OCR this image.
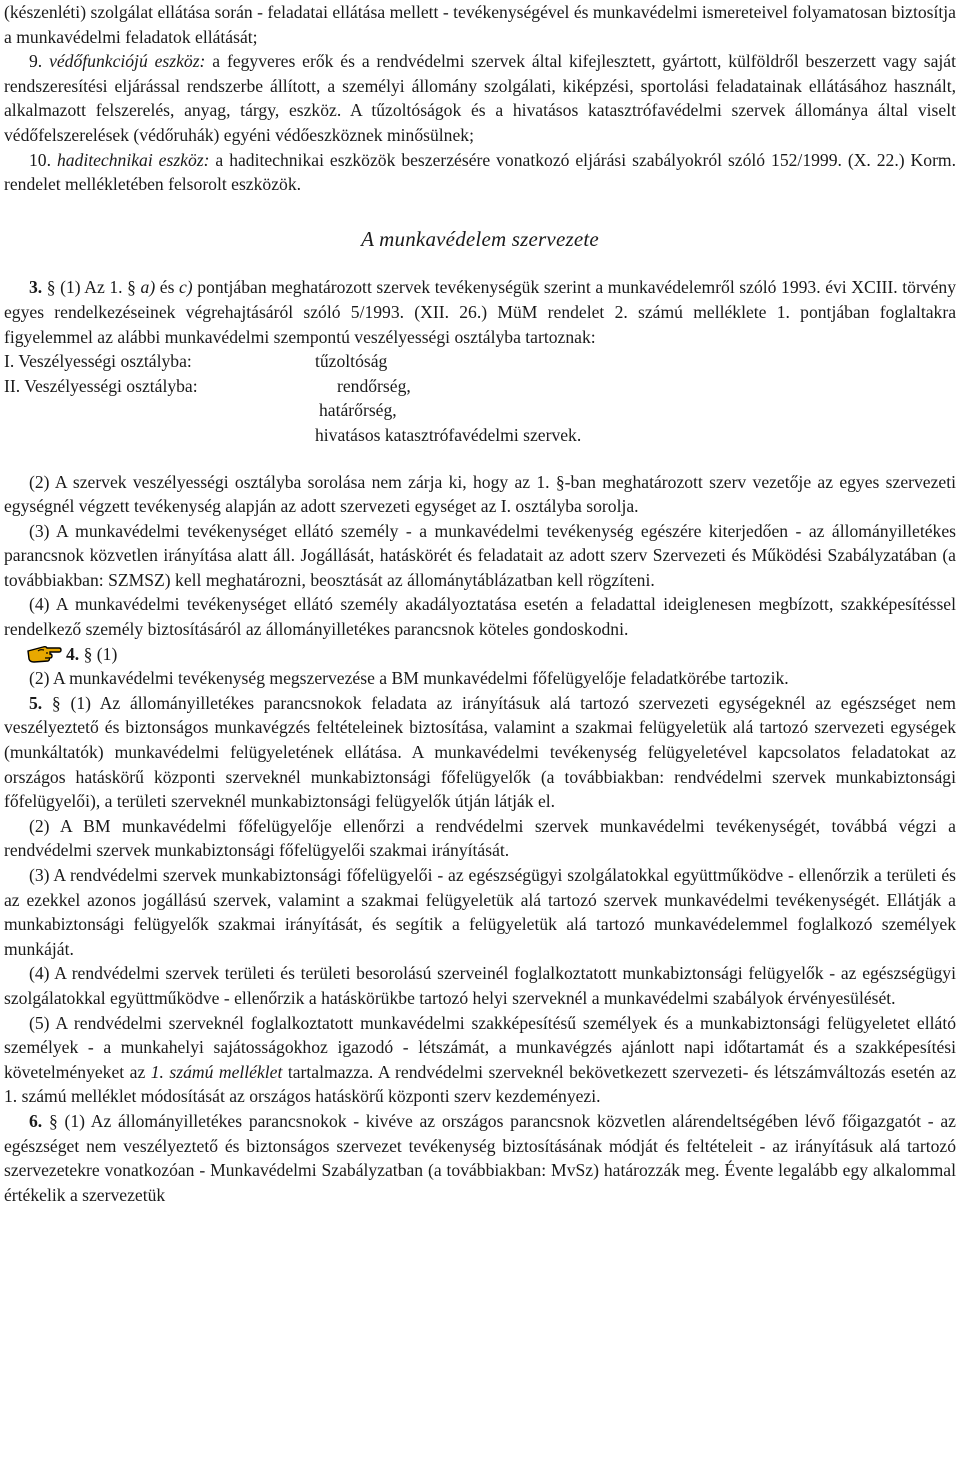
(készenléti) szolgálat ellátása során - feladatai ellátása mellett - tevékenységével és munkavédelmi ismereteivel folyamatosan biztosítja a munkavédelmi feladatok ellátását;

9. védőfunkciójú eszköz: a fegyveres erők és a rendvédelmi szervek által kifejlesztett, gyártott, külföldről beszerzett vagy saját rendszeresítési eljárással rendszerbe állított, a személyi állomány szolgálati, kiképzési, sportolási feladatainak ellátásához használt, alkalmazott felszerelés, anyag, tárgy, eszköz. A tűzoltóságok és a hivatásos katasztrófavédelmi szervek állománya által viselt védőfelszerelések (védőruhák) egyéni védőeszköznek minősülnek;

10. haditechnikai eszköz: a haditechnikai eszközök beszerzésére vonatkozó eljárási szabályokról szóló 152/1999. (X. 22.) Korm. rendelet mellékletében felsorolt eszközök.

A munkavédelem szervezete

3. § (1) Az 1. § a) és c) pontjában meghatározott szervek tevékenységük szerint a munkavédelemről szóló 1993. évi XCIII. törvény egyes rendelkezéseinek végrehajtásáról szóló 5/1993. (XII. 26.) MüM rendelet 2. számú melléklete 1. pontjában foglaltakra figyelemmel az alábbi munkavédelmi szempontú veszélyességi osztályba tartoznak:

I. Veszélyességi osztályba:	tűzoltóság
II. Veszélyességi osztályba:	rendőrség,
határőrség,
hivatásos katasztrófavédelmi szervek.

(2) A szervek veszélyességi osztályba sorolása nem zárja ki, hogy az 1. §-ban meghatározott szerv vezetője az egyes szervezeti egységnél végzett tevékenység alapján az adott szervezeti egységet az I. osztályba sorolja.

(3) A munkavédelmi tevékenységet ellátó személy - a munkavédelmi tevékenység egészére kiterjedően - az állományilletékes parancsnok közvetlen irányítása alatt áll. Jogállását, hatáskörét és feladatait az adott szerv Szervezeti és Működési Szabályzatában (a továbbiakban: SZMSZ) kell meghatározni, beosztását az állománytáblázatban kell rögzíteni.

(4) A munkavédelmi tevékenységet ellátó személy akadályoztatása esetén a feladattal ideiglenesen megbízott, szakképesítéssel rendelkező személy biztosításáról az állományilletékes parancsnok köteles gondoskodni.

4. § (1)

(2) A munkavédelmi tevékenység megszervezése a BM munkavédelmi főfelügyelője feladatkörébe tartozik.

5. § (1) Az állományilletékes parancsnokok feladata az irányításuk alá tartozó szervezeti egységeknél az egészséget nem veszélyeztető és biztonságos munkavégzés feltételeinek biztosítása, valamint a szakmai felügyeletük alá tartozó szervezeti egységek (munkáltatók) munkavédelmi felügyeletének ellátása. A munkavédelmi tevékenység felügyeletével kapcsolatos feladatokat az országos hatáskörű központi szerveknél munkabiztonsági főfelügyelők (a továbbiakban: rendvédelmi szervek munkabiztonsági főfelügyelői), a területi szerveknél munkabiztonsági felügyelők útján látják el.

(2) A BM munkavédelmi főfelügyelője ellenőrzi a rendvédelmi szervek munkavédelmi tevékenységét, továbbá végzi a rendvédelmi szervek munkabiztonsági főfelügyelői szakmai irányítását.

(3) A rendvédelmi szervek munkabiztonsági főfelügyelői - az egészségügyi szolgálatokkal együttműködve - ellenőrzik a területi és az ezekkel azonos jogállású szervek, valamint a szakmai felügyeletük alá tartozó szervek munkavédelmi tevékenységét. Ellátják a munkabiztonsági felügyelők szakmai irányítását, és segítik a felügyeletük alá tartozó munkavédelemmel foglalkozó személyek munkáját.

(4) A rendvédelmi szervek területi és területi besorolású szerveinél foglalkoztatott munkabiztonsági felügyelők - az egészségügyi szolgálatokkal együttműködve - ellenőrzik a hatáskörükbe tartozó helyi szerveknél a munkavédelmi szabályok érvényesülését.

(5) A rendvédelmi szerveknél foglalkoztatott munkavédelmi szakképesítésű személyek és a munkabiztonsági felügyeletet ellátó személyek - a munkahelyi sajátosságokhoz igazodó - létszámát, a munkavégzés ajánlott napi időtartamát és a szakképesítési követelményeket az 1. számú melléklet tartalmazza. A rendvédelmi szerveknél bekövetkezett szervezeti- és létszámváltozás esetén az 1. számú melléklet módosítását az országos hatáskörű központi szerv kezdeményezi.

6. § (1) Az állományilletékes parancsnokok - kivéve az országos parancsnok közvetlen alárendeltségében lévő főigazgatót - az egészséget nem veszélyeztető és biztonságos szervezet tevékenység biztosításának módját és feltételeit - az irányításuk alá tartozó szervezetekre vonatkozóan - Munkavédelmi Szabályzatban (a továbbiakban: MvSz) határozzák meg. Évente legalább egy alkalommal értékelik a szervezetük
